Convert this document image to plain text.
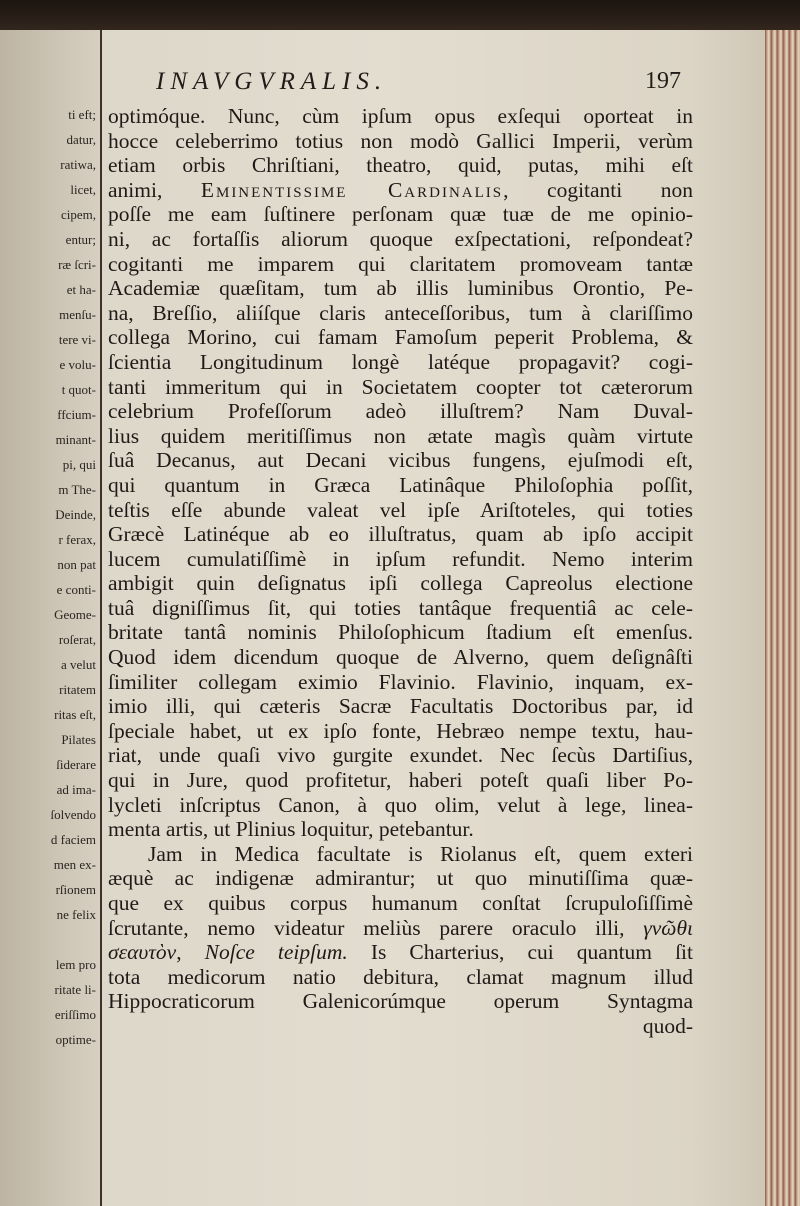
ti eft;
datur,
ratiwa,
licet,
cipem,
entur;
ræ ſcri-
et ha-
menſu-
tere vi-
e volu-
t quot-
ffcium-
minant-
pi, qui
m The-
Deinde,
r ferax,
non pat
e conti-
Geome-
roſerat,
a velut
ritatem
ritas eſt,
Pilates
ſiderare
ad ima-
ſolvendo
d faciem
men ex-
rſionem
ne felix
lem pro
ritate li-
eriſſimo
optime-
INAVGVRALIS.	197
optimóque. Nunc, cùm ipſum opus exſequi oporteat in
hocce celeberrimo totius non modò Gallici Imperii, verùm
etiam orbis Chriſtiani, theatro, quid, putas, mihi eſt
animi, Eminentissime Cardinalis, cogitanti non
poſſe me eam ſuſtinere perſonam quæ tuæ de me opinio-
ni, ac fortaſſis aliorum quoque exſpectationi, reſpondeat?
cogitanti me imparem qui claritatem promoveam tantæ
Academiæ quæſitam, tum ab illis luminibus Orontio, Pe-
na, Breſſio, aliíſque claris anteceſſoribus, tum à clariſſimo
collega Morino, cui famam Famoſum peperit Problema, &
ſcientia Longitudinum longè latéque propagavit? cogi-
tanti immeritum qui in Societatem coopter tot cæterorum
celebrium Profeſſorum adeò illuſtrem? Nam Duval-
lius quidem meritiſſimus non ætate magìs quàm virtute
ſuâ Decanus, aut Decani vicibus fungens, ejuſmodi eſt,
qui quantum in Græca Latinâque Philoſophia poſſit,
teſtis eſſe abunde valeat vel ipſe Ariſtoteles, qui toties
Græcè Latinéque ab eo illuſtratus, quam ab ipſo accipit
lucem cumulatiſſimè in ipſum refundit. Nemo interim
ambigit quin deſignatus ipſi collega Capreolus electione
tuâ digniſſimus ſit, qui toties tantâque frequentiâ ac cele-
britate tantâ nominis Philoſophicum ſtadium eſt emenſus.
Quod idem dicendum quoque de Alverno, quem deſignâſti
ſimiliter collegam eximio Flavinio. Flavinio, inquam, ex-
imio illi, qui cæteris Sacræ Facultatis Doctoribus par, id
ſpeciale habet, ut ex ipſo fonte, Hebræo nempe textu, hau-
riat, unde quaſi vivo gurgite exundet. Nec ſecùs Dartiſius,
qui in Jure, quod profitetur, haberi poteſt quaſi liber Po-
lycleti inſcriptus Canon, à quo olim, velut à lege, linea-
menta artis, ut Plinius loquitur, petebantur.
Jam in Medica facultate is Riolanus eſt, quem exteri
æquè ac indigenæ admirantur; ut quo minutiſſima quæ-
que ex quibus corpus humanum conſtat ſcrupuloſiſſimè
ſcrutante, nemo videatur meliùs parere oraculo illi, γνῶθι
σεαυτὸν, Noſce teipſum. Is Charterius, cui quantum ſit
tota medicorum natio debitura, clamat magnum illud
Hippocraticorum Galenicorúmque operum Syntagma
quod-
